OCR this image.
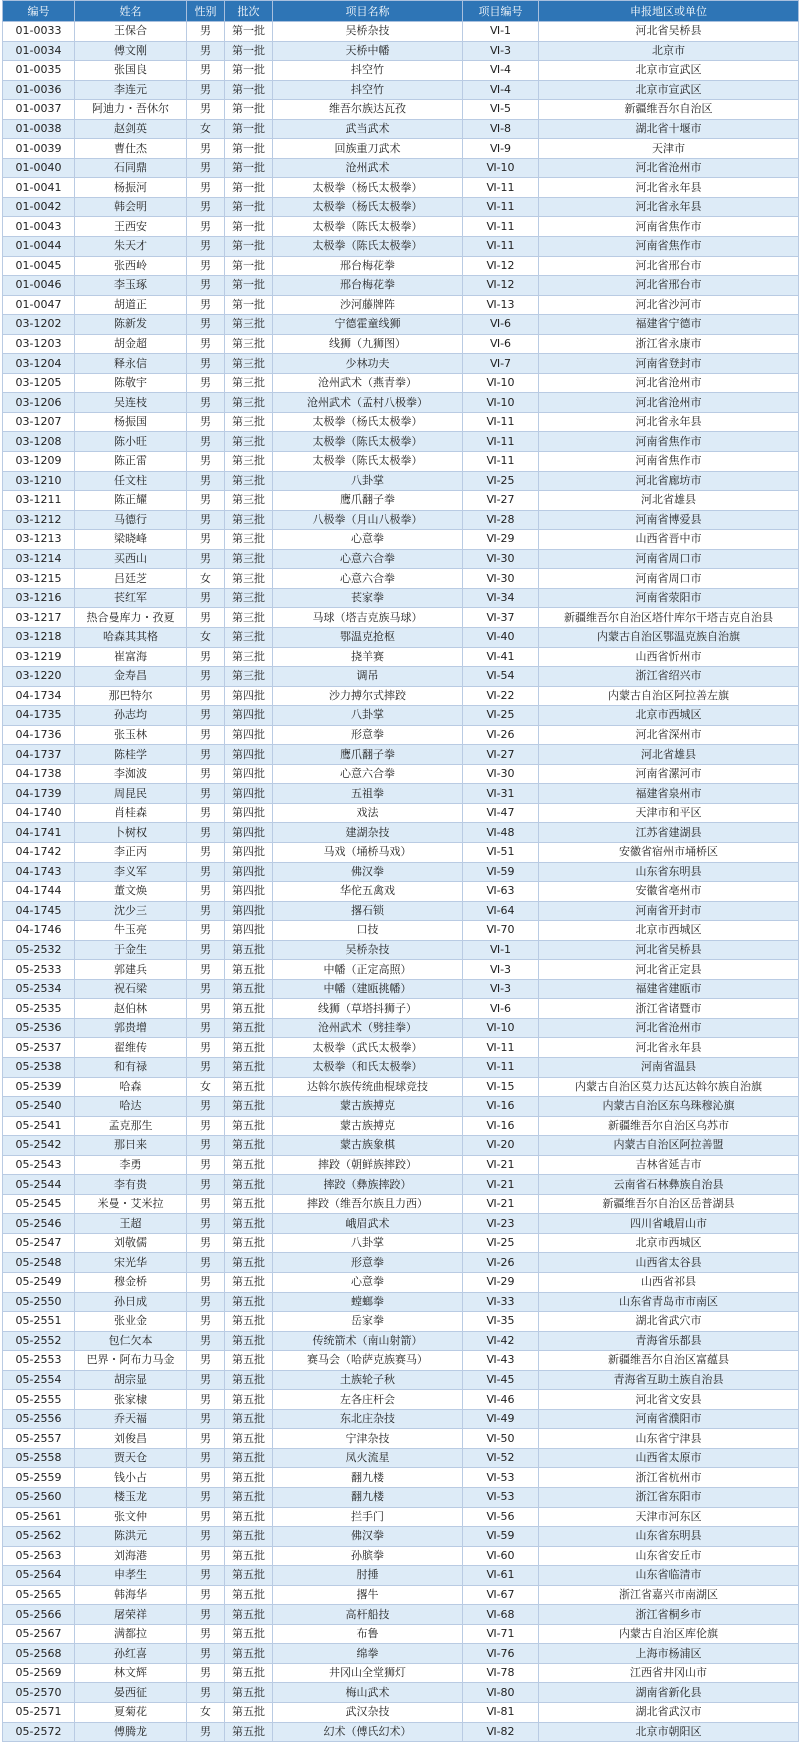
编号	姓名	性别	批次	项目名称	项目编号	申报地区或单位
01-0033	王保合	男	第一批	吴桥杂技	Ⅵ-1	河北省吴桥县
01-0034	傅文刚	男	第一批	天桥中幡	Ⅵ-3	北京市
01-0035	张国良	男	第一批	抖空竹	Ⅵ-4	北京市宣武区
01-0036	李连元	男	第一批	抖空竹	Ⅵ-4	北京市宣武区
01-0037	阿迪力・吾休尔	男	第一批	维吾尔族达瓦孜	Ⅵ-5	新疆维吾尔自治区
01-0038	赵剑英	女	第一批	武当武术	Ⅵ-8	湖北省十堰市
01-0039	曹仕杰	男	第一批	回族重刀武术	Ⅵ-9	天津市
01-0040	石同鼎	男	第一批	沧州武术	Ⅵ-10	河北省沧州市
01-0041	杨振河	男	第一批	太极拳（杨氏太极拳）	Ⅵ-11	河北省永年县
01-0042	韩会明	男	第一批	太极拳（杨氏太极拳）	Ⅵ-11	河北省永年县
01-0043	王西安	男	第一批	太极拳（陈氏太极拳）	Ⅵ-11	河南省焦作市
01-0044	朱天才	男	第一批	太极拳（陈氏太极拳）	Ⅵ-11	河南省焦作市
01-0045	张西岭	男	第一批	邢台梅花拳	Ⅵ-12	河北省邢台市
01-0046	李玉琢	男	第一批	邢台梅花拳	Ⅵ-12	河北省邢台市
01-0047	胡道正	男	第一批	沙河藤牌阵	Ⅵ-13	河北省沙河市
03-1202	陈新发	男	第三批	宁德霍童线狮	Ⅵ-6	福建省宁德市
03-1203	胡金超	男	第三批	线狮（九狮图）	Ⅵ-6	浙江省永康市
03-1204	释永信	男	第三批	少林功夫	Ⅵ-7	河南省登封市
03-1205	陈敬宇	男	第三批	沧州武术（燕青拳）	Ⅵ-10	河北省沧州市
03-1206	吴连枝	男	第三批	沧州武术（孟村八极拳）	Ⅵ-10	河北省沧州市
03-1207	杨振国	男	第三批	太极拳（杨氏太极拳）	Ⅵ-11	河北省永年县
03-1208	陈小旺	男	第三批	太极拳（陈氏太极拳）	Ⅵ-11	河南省焦作市
03-1209	陈正雷	男	第三批	太极拳（陈氏太极拳）	Ⅵ-11	河南省焦作市
03-1210	任文柱	男	第三批	八卦掌	Ⅵ-25	河北省廊坊市
03-1211	陈正耀	男	第三批	鹰爪翻子拳	Ⅵ-27	河北省雄县
03-1212	马德行	男	第三批	八极拳（月山八极拳）	Ⅵ-28	河南省博爱县
03-1213	梁晓峰	男	第三批	心意拳	Ⅵ-29	山西省晋中市
03-1214	买西山	男	第三批	心意六合拳	Ⅵ-30	河南省周口市
03-1215	吕廷芝	女	第三批	心意六合拳	Ⅵ-30	河南省周口市
03-1216	苌红军	男	第三批	苌家拳	Ⅵ-34	河南省荥阳市
03-1217	热合曼库力・孜夏	男	第三批	马球（塔吉克族马球）	Ⅵ-37	新疆维吾尔自治区塔什库尔干塔吉克自治县
03-1218	哈森其其格	女	第三批	鄂温克抢枢	Ⅵ-40	内蒙古自治区鄂温克族自治旗
03-1219	崔富海	男	第三批	挠羊赛	Ⅵ-41	山西省忻州市
03-1220	金寿昌	男	第三批	调吊	Ⅵ-54	浙江省绍兴市
04-1734	那巴特尔	男	第四批	沙力搏尔式摔跤	Ⅵ-22	内蒙古自治区阿拉善左旗
04-1735	孙志均	男	第四批	八卦掌	Ⅵ-25	北京市西城区
04-1736	张玉林	男	第四批	形意拳	Ⅵ-26	河北省深州市
04-1737	陈桂学	男	第四批	鹰爪翻子拳	Ⅵ-27	河北省雄县
04-1738	李洳波	男	第四批	心意六合拳	Ⅵ-30	河南省漯河市
04-1739	周昆民	男	第四批	五祖拳	Ⅵ-31	福建省泉州市
04-1740	肖桂森	男	第四批	戏法	Ⅵ-47	天津市和平区
04-1741	卜树权	男	第四批	建湖杂技	Ⅵ-48	江苏省建湖县
04-1742	李正丙	男	第四批	马戏（埇桥马戏）	Ⅵ-51	安徽省宿州市埇桥区
04-1743	李义军	男	第四批	佛汉拳	Ⅵ-59	山东省东明县
04-1744	董文焕	男	第四批	华佗五禽戏	Ⅵ-63	安徽省亳州市
04-1745	沈少三	男	第四批	撂石锁	Ⅵ-64	河南省开封市
04-1746	牛玉亮	男	第四批	口技	Ⅵ-70	北京市西城区
05-2532	于金生	男	第五批	吴桥杂技	Ⅵ-1	河北省吴桥县
05-2533	郭建兵	男	第五批	中幡（正定高照）	Ⅵ-3	河北省正定县
05-2534	祝石梁	男	第五批	中幡（建瓯挑幡）	Ⅵ-3	福建省建瓯市
05-2535	赵伯林	男	第五批	线狮（草塔抖狮子）	Ⅵ-6	浙江省诸暨市
05-2536	郭贵增	男	第五批	沧州武术（劈挂拳）	Ⅵ-10	河北省沧州市
05-2537	翟维传	男	第五批	太极拳（武氏太极拳）	Ⅵ-11	河北省永年县
05-2538	和有禄	男	第五批	太极拳（和氏太极拳）	Ⅵ-11	河南省温县
05-2539	哈森	女	第五批	达斡尔族传统曲棍球竞技	Ⅵ-15	内蒙古自治区莫力达瓦达斡尔族自治旗
05-2540	哈达	男	第五批	蒙古族搏克	Ⅵ-16	内蒙古自治区东乌珠穆沁旗
05-2541	孟克那生	男	第五批	蒙古族搏克	Ⅵ-16	新疆维吾尔自治区乌苏市
05-2542	那日来	男	第五批	蒙古族象棋	Ⅵ-20	内蒙古自治区阿拉善盟
05-2543	李勇	男	第五批	摔跤（朝鲜族摔跤）	Ⅵ-21	吉林省延吉市
05-2544	李有贵	男	第五批	摔跤（彝族摔跤）	Ⅵ-21	云南省石林彝族自治县
05-2545	米曼・艾米拉	男	第五批	摔跤（维吾尔族且力西）	Ⅵ-21	新疆维吾尔自治区岳普湖县
05-2546	王超	男	第五批	峨眉武术	Ⅵ-23	四川省峨眉山市
05-2547	刘敬儒	男	第五批	八卦掌	Ⅵ-25	北京市西城区
05-2548	宋光华	男	第五批	形意拳	Ⅵ-26	山西省太谷县
05-2549	穆金桥	男	第五批	心意拳	Ⅵ-29	山西省祁县
05-2550	孙日成	男	第五批	螳螂拳	Ⅵ-33	山东省青岛市市南区
05-2551	张业金	男	第五批	岳家拳	Ⅵ-35	湖北省武穴市
05-2552	包仁欠本	男	第五批	传统箭术（南山射箭）	Ⅵ-42	青海省乐都县
05-2553	巴界・阿布力马金	男	第五批	赛马会（哈萨克族赛马）	Ⅵ-43	新疆维吾尔自治区富蕴县
05-2554	胡宗显	男	第五批	土族轮子秋	Ⅵ-45	青海省互助土族自治县
05-2555	张家棣	男	第五批	左各庄杆会	Ⅵ-46	河北省文安县
05-2556	乔天福	男	第五批	东北庄杂技	Ⅵ-49	河南省濮阳市
05-2557	刘俊昌	男	第五批	宁津杂技	Ⅵ-50	山东省宁津县
05-2558	贾天仓	男	第五批	凤火流星	Ⅵ-52	山西省太原市
05-2559	钱小占	男	第五批	翻九楼	Ⅵ-53	浙江省杭州市
05-2560	楼玉龙	男	第五批	翻九楼	Ⅵ-53	浙江省东阳市
05-2561	张文仲	男	第五批	拦手门	Ⅵ-56	天津市河东区
05-2562	陈洪元	男	第五批	佛汉拳	Ⅵ-59	山东省东明县
05-2563	刘海港	男	第五批	孙膑拳	Ⅵ-60	山东省安丘市
05-2564	申孝生	男	第五批	肘捶	Ⅵ-61	山东省临清市
05-2565	韩海华	男	第五批	撂牛	Ⅵ-67	浙江省嘉兴市南湖区
05-2566	屠荣祥	男	第五批	高杆船技	Ⅵ-68	浙江省桐乡市
05-2567	满都拉	男	第五批	布鲁	Ⅵ-71	内蒙古自治区库伦旗
05-2568	孙红喜	男	第五批	绵拳	Ⅵ-76	上海市杨浦区
05-2569	林文辉	男	第五批	井冈山全堂狮灯	Ⅵ-78	江西省井冈山市
05-2570	晏西征	男	第五批	梅山武术	Ⅵ-80	湖南省新化县
05-2571	夏菊花	女	第五批	武汉杂技	Ⅵ-81	湖北省武汉市
05-2572	傅腾龙	男	第五批	幻术（傅氏幻术）	Ⅵ-82	北京市朝阳区
